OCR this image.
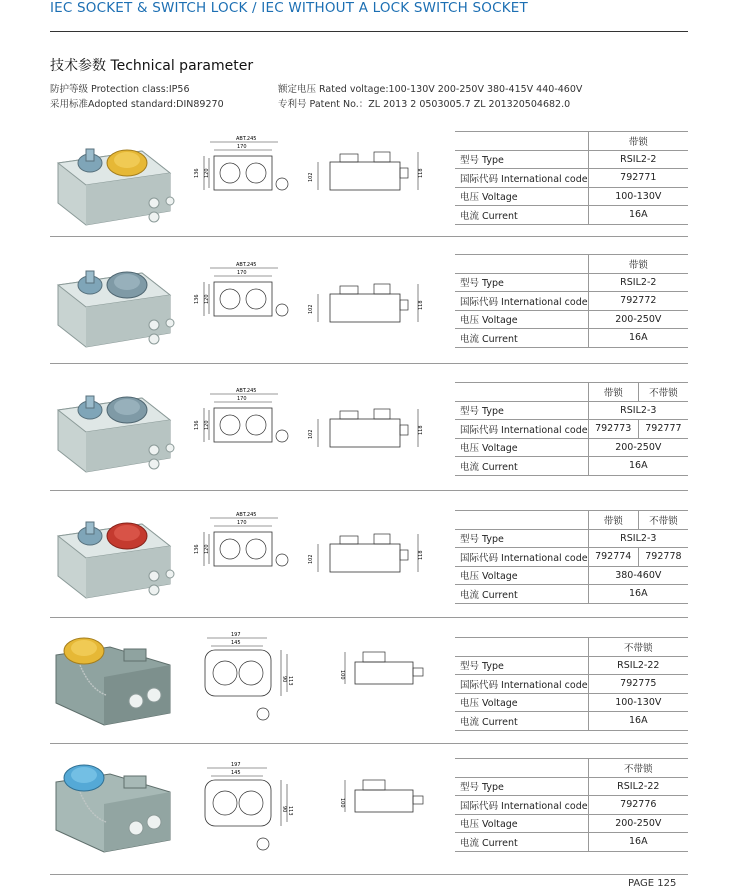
IEC SOCKET & SWITCH LOCK / IEC WITHOUT A LOCK SWITCH SOCKET
技术参数 Technical parameter
防护等级 Protection class:IP56
采用标准Adopted standard:DIN89270
额定电压 Rated voltage:100-130V 200-250V 380-415V 440-460V
专利号 Patent No.：ZL 2013 2 0503005.7 ZL 201320504682.0
ABT.245
170
136 120	102	118
	带锁
型号 Type	RSIL2-2
国际代码 International code	792771
电压 Voltage	100-130V
电流 Current	16A
ABT.245
170
136 120
102	118
	带锁
型号 Type	RSIL2-2
国际代码 International code	792772
电压 Voltage	200-250V
电流 Current	16A
ABT.245
170
136 120
102	118
	带锁	不带锁
型号 Type	RSIL2-3	
国际代码 International code	792773	792777
电压 Voltage	200-250V	
电流 Current	16A	
ABT.245
170
136 120
102	118
	带锁	不带锁
型号 Type	RSIL2-3	
国际代码 International code	792774	792778
电压 Voltage	380-460V	
电流 Current	16A	
197
145
113
90	100
	不带锁
型号 Type	RSIL2-22
国际代码 International code	792775
电压 Voltage	100-130V
电流 Current	16A
197
145
113
90
100
	不带锁
型号 Type	RSIL2-22
国际代码 International code	792776
电压 Voltage	200-250V
电流 Current	16A
PAGE 125
